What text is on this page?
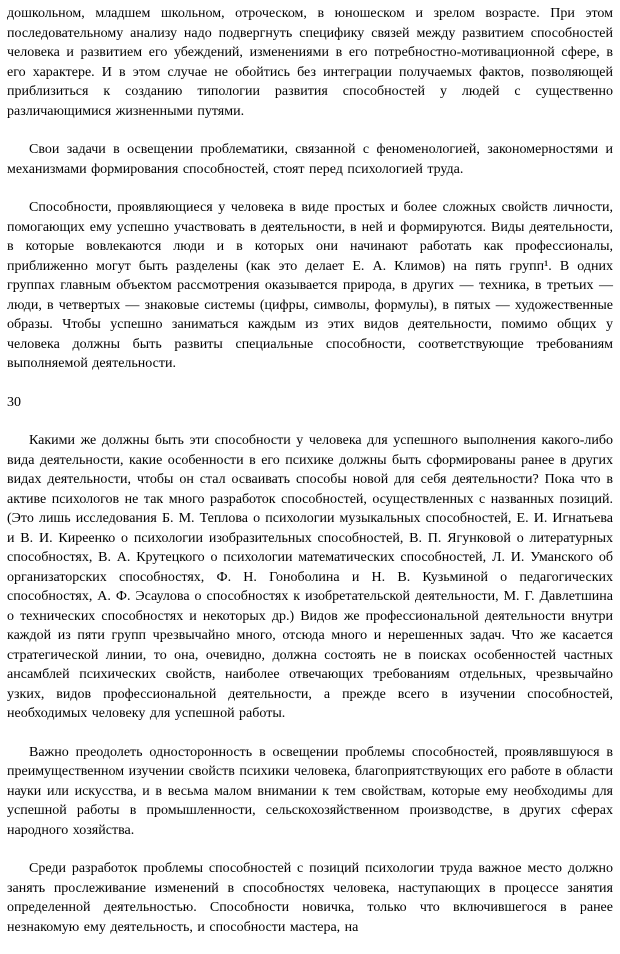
дошкольном, младшем школьном, отроческом, в юношеском и зрелом возрасте. При этом последовательному анализу надо подвергнуть специфику связей между развитием способностей человека и развитием его убеждений, изменениями в его потребностно-мотивационной сфере, в его характере. И в этом случае не обойтись без интеграции получаемых фактов, позволяющей приблизиться к созданию типологии развития способностей у людей с существенно различающимися жизненными путями.

Свои задачи в освещении проблематики, связанной с феноменологией, закономерностями и механизмами формирования способностей, стоят перед психологией труда.

Способности, проявляющиеся у человека в виде простых и более сложных свойств личности, помогающих ему успешно участвовать в деятельности, в ней и формируются. Виды деятельности, в которые вовлекаются люди и в которых они начинают работать как профессионалы, приближенно могут быть разделены (как это делает Е. А. Климов) на пять групп¹. В одних группах главным объектом рассмотрения оказывается природа, в других — техника, в третьих — люди, в четвертых — знаковые системы (цифры, символы, формулы), в пятых — художественные образы. Чтобы успешно заниматься каждым из этих видов деятельности, помимо общих у человека должны быть развиты специальные способности, соответствующие требованиям выполняемой деятельности.

30

Какими же должны быть эти способности у человека для успешного выполнения какого-либо вида деятельности, какие особенности в его психике должны быть сформированы ранее в других видах деятельности, чтобы он стал осваивать способы новой для себя деятельности? Пока что в активе психологов не так много разработок способностей, осуществленных с названных позиций. (Это лишь исследования Б. М. Теплова о психологии музыкальных способностей, Е. И. Игнатьева и В. И. Киреенко о психологии изобразительных способностей, В. П. Ягунковой о литературных способностях, В. А. Крутецкого о психологии математических способностей, Л. И. Уманского об организаторских способностях, Ф. Н. Гоноболина и Н. В. Кузьминой о педагогических способностях, А. Ф. Эсаулова о способностях к изобретательской деятельности, М. Г. Давлетшина о технических способностях и некоторых др.) Видов же профессиональной деятельности внутри каждой из пяти групп чрезвычайно много, отсюда много и нерешенных задач. Что же касается стратегической линии, то она, очевидно, должна состоять не в поисках особенностей частных ансамблей психических свойств, наиболее отвечающих требованиям отдельных, чрезвычайно узких, видов профессиональной деятельности, а прежде всего в изучении способностей, необходимых человеку для успешной работы.

Важно преодолеть односторонность в освещении проблемы способностей, проявлявшуюся в преимущественном изучении свойств психики человека, благоприятствующих его работе в области науки или искусства, и в весьма малом внимании к тем свойствам, которые ему необходимы для успешной работы в промышленности, сельскохозяйственном производстве, в других сферах народного хозяйства.

Среди разработок проблемы способностей с позиций психологии труда важное место должно занять прослеживание изменений в способностях человека, наступающих в процессе занятия определенной деятельностью. Способности новичка, только что включившегося в ранее незнакомую ему деятельность, и способности мастера, на
